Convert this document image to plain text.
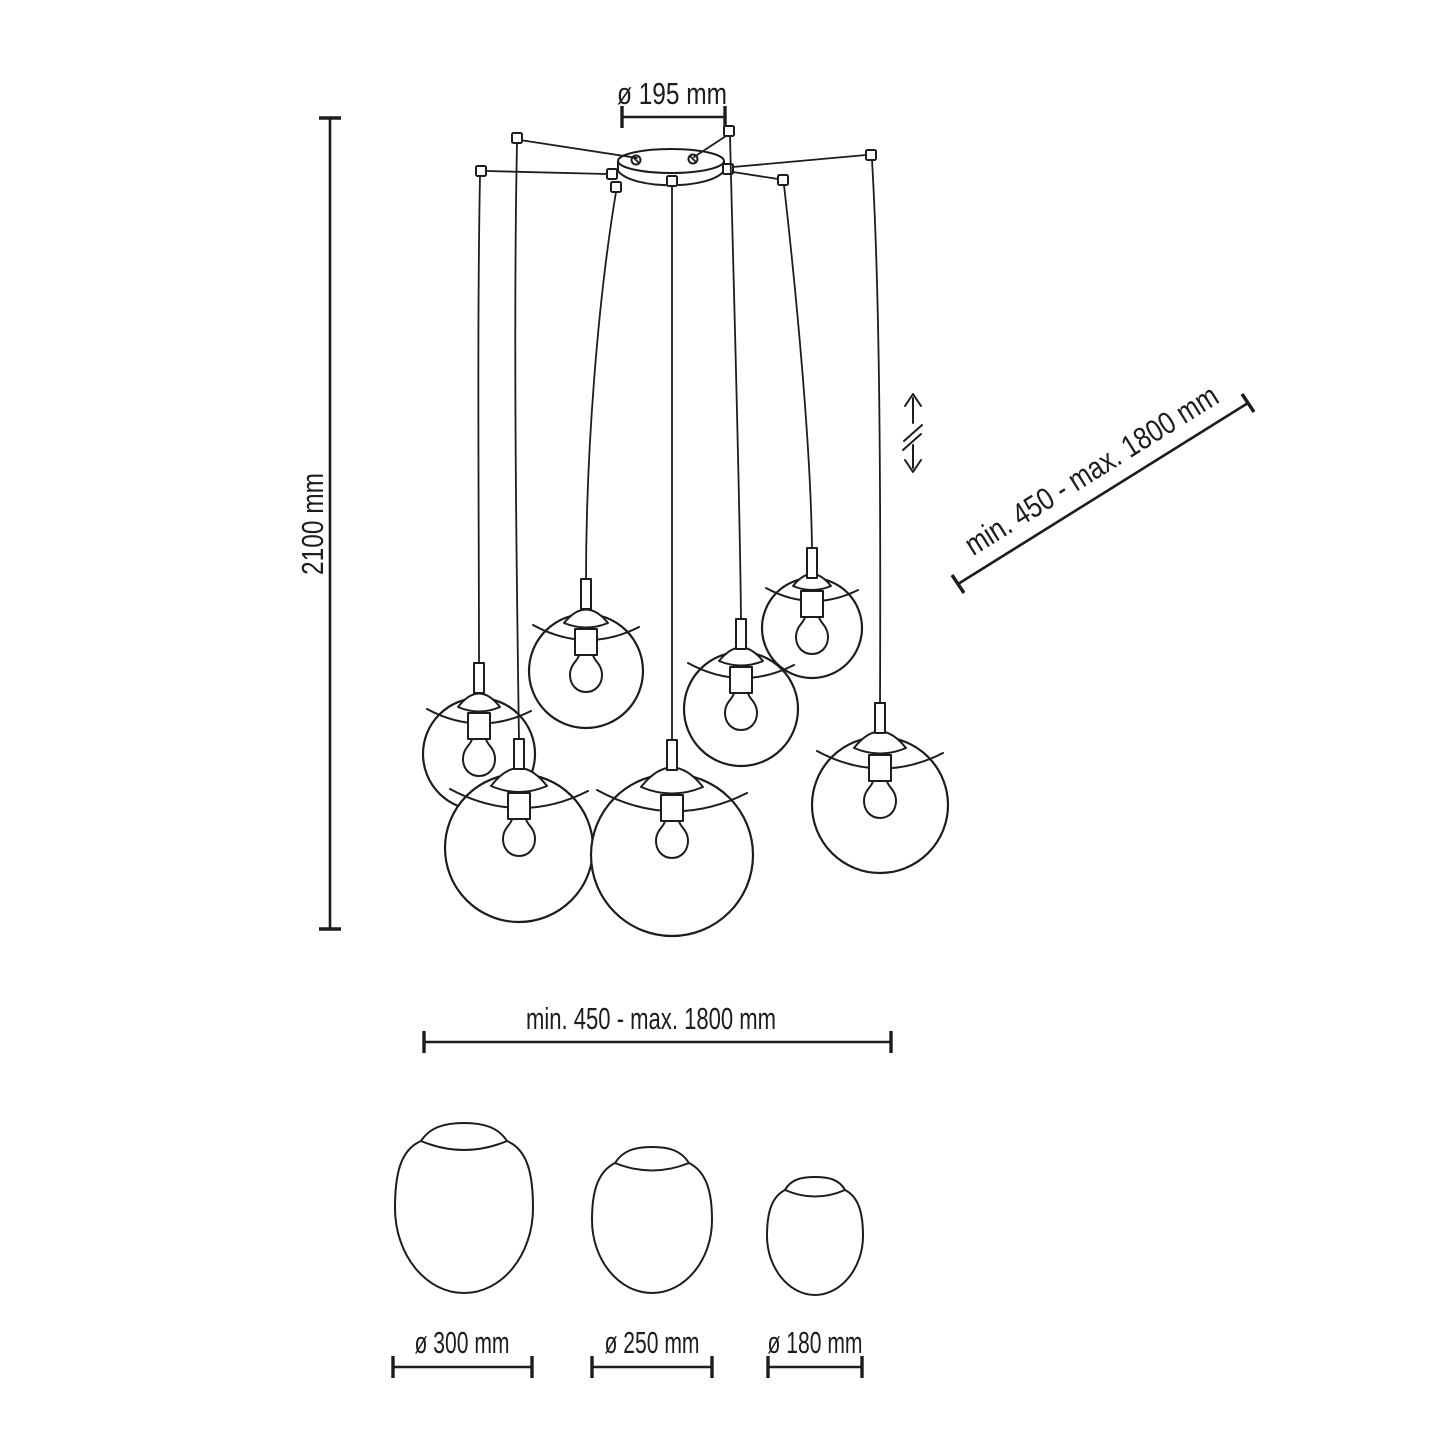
ø 195 mm
2100 mm	min. 450 - max. 1800 mm
min. 450 - max. 1800 mm
ø 300 mm	ø 250 mm ø 180 mm
